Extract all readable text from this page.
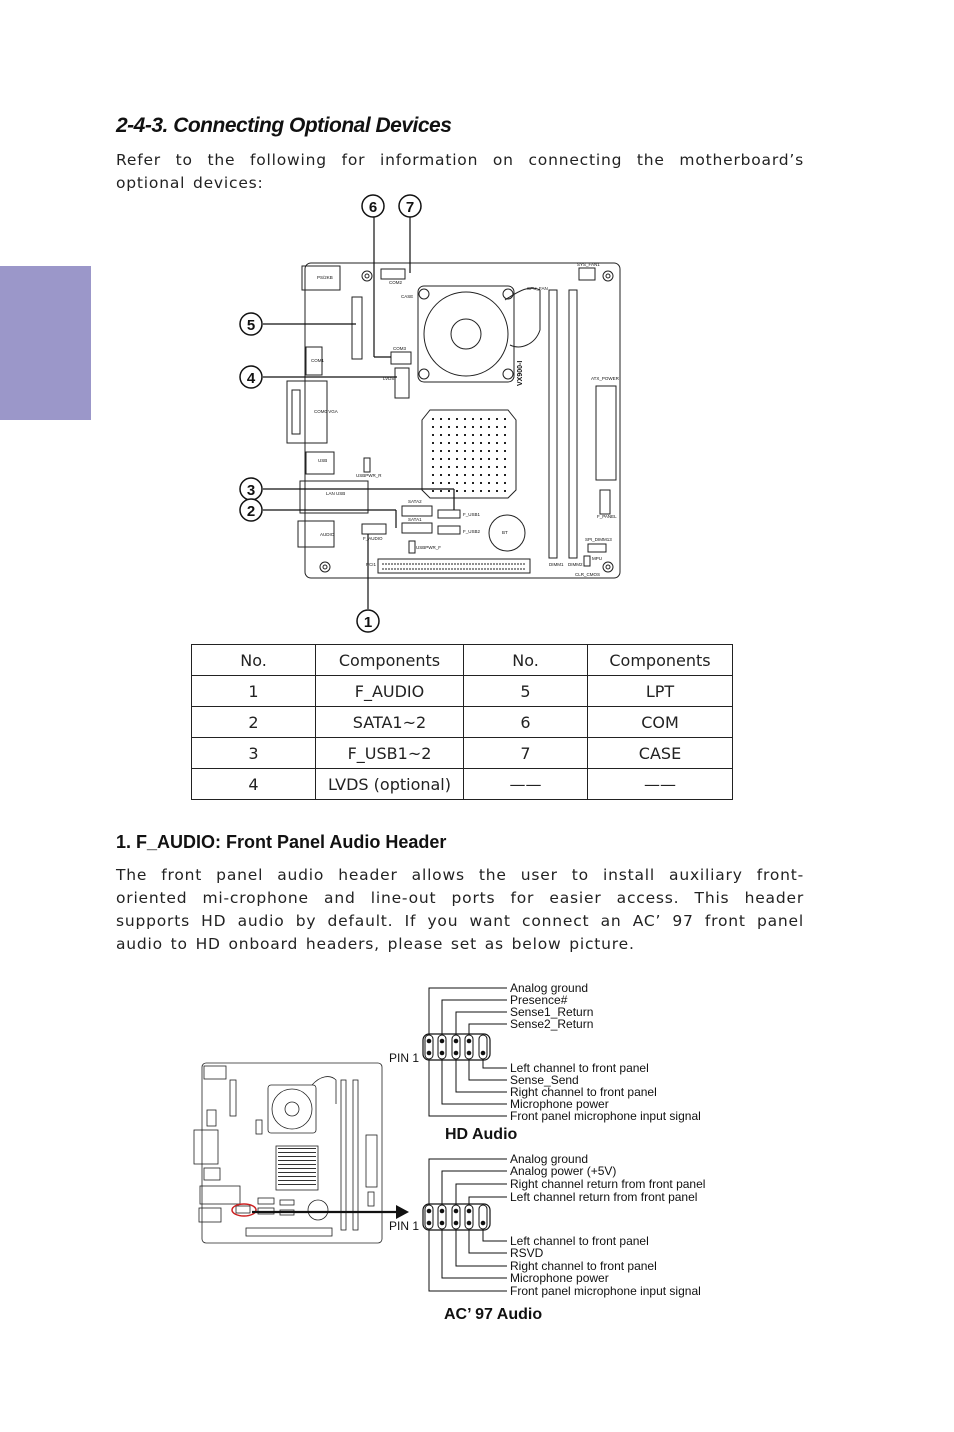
2-4-3. Connecting Optional Devices

Refer to the following for information on connecting the motherboard’s optional devices:

5
4
3
2
1
6 7
PS/2KB
COM2
CASE
CPU_FAN
SYS_FAN1
COM1
COM3
LVDS	ATX_POWER
COM0 VGA
USB
USBPWR_R
LAN USB
SATA2
SATA1
F_USB1
F_USB2	BT
F_PANEL
AUDIO
F_AUDIO
USBPWR_F
PCI1	DIMM1 DIMM2
SPI_DIMM13
MPU
CLR_CMOS
VX900-I
PIN 1
PIN 1
HD Audio
AC’ 97 Audio
Analog ground
Presence#
Sense1_Return
Sense2_Return
Left channel to front panel
Sense_Send
Right channel to front panel
Microphone power
Front panel microphone input signal
Analog ground
Analog power (+5V)
Right channel return from front panel
Left channel return from front panel
Left channel to front panel
RSVD
Right channel to front panel
Microphone power
Front panel microphone input signal
No.	Components	No.	Components
1	F_AUDIO	5	LPT
2	SATA1~2	6	COM
3	F_USB1~2	7	CASE
4	LVDS (optional)	——	——
1. F_AUDIO: Front Panel Audio Header

The front panel audio header allows the user to install auxiliary front-oriented mi-crophone and line-out ports for easier access. This header supports HD audio by default. If you want connect an AC’ 97 front panel audio to HD onboard headers, please set as below picture.
